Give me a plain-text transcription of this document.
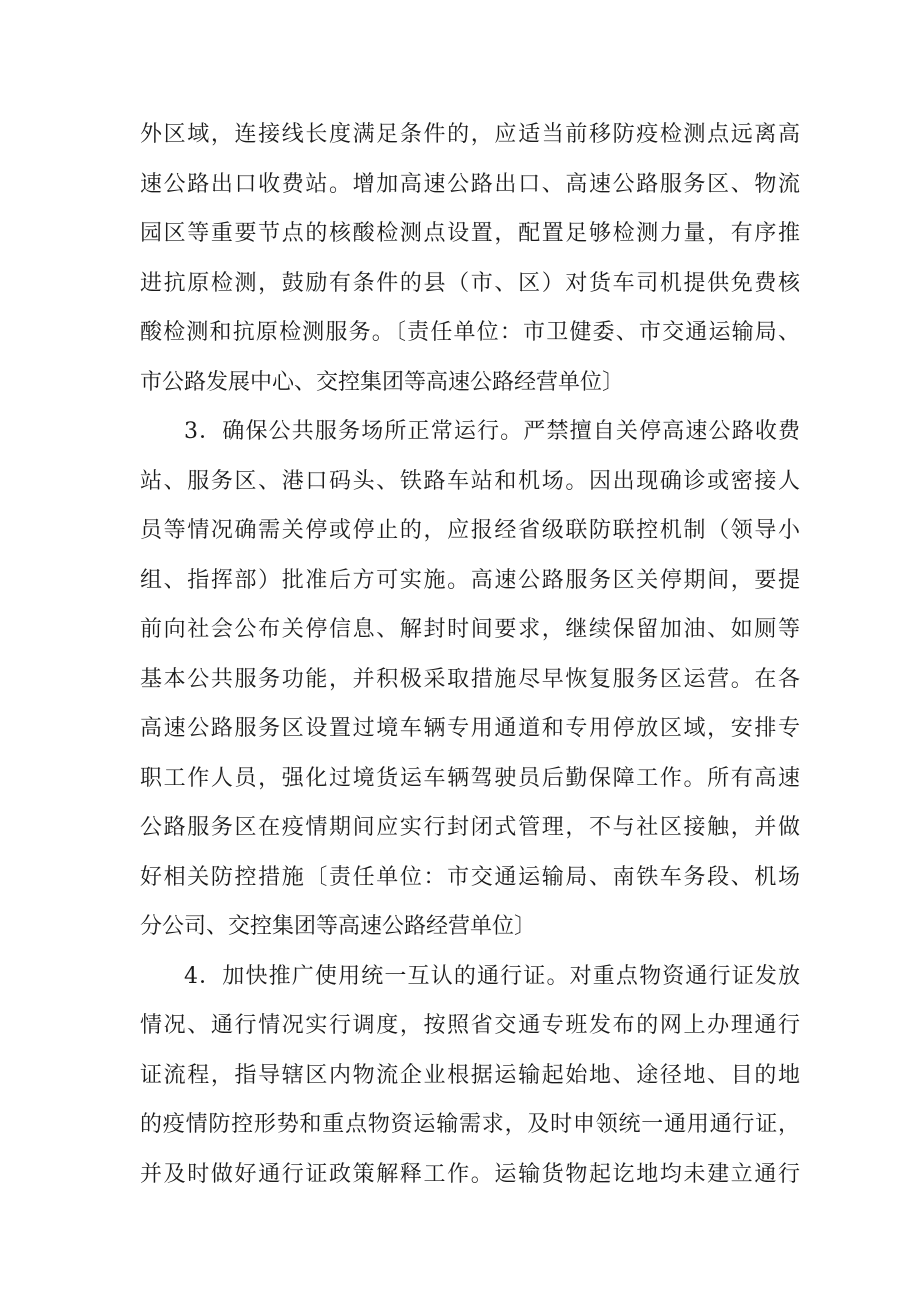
外区域，连接线长度满足条件的，应适当前移防疫检测点远离高
速公路出口收费站。增加高速公路出口、高速公路服务区、物流
园区等重要节点的核酸检测点设置，配置足够检测力量，有序推
进抗原检测，鼓励有条件的县（市、区）对货车司机提供免费核
酸检测和抗原检测服务。〔责任单位：市卫健委、市交通运输局、
市公路发展中心、交控集团等高速公路经营单位〕
3．确保公共服务场所正常运行。严禁擅自关停高速公路收费
站、服务区、港口码头、铁路车站和机场。因出现确诊或密接人
员等情况确需关停或停止的，应报经省级联防联控机制（领导小
组、指挥部）批准后方可实施。高速公路服务区关停期间，要提
前向社会公布关停信息、解封时间要求，继续保留加油、如厕等
基本公共服务功能，并积极采取措施尽早恢复服务区运营。在各
高速公路服务区设置过境车辆专用通道和专用停放区域，安排专
职工作人员，强化过境货运车辆驾驶员后勤保障工作。所有高速
公路服务区在疫情期间应实行封闭式管理，不与社区接触，并做
好相关防控措施〔责任单位：市交通运输局、南铁车务段、机场
分公司、交控集团等高速公路经营单位〕
4．加快推广使用统一互认的通行证。对重点物资通行证发放
情况、通行情况实行调度，按照省交通专班发布的网上办理通行
证流程，指导辖区内物流企业根据运输起始地、途径地、目的地
的疫情防控形势和重点物资运输需求，及时申领统一通用通行证，
并及时做好通行证政策解释工作。运输货物起讫地均未建立通行
